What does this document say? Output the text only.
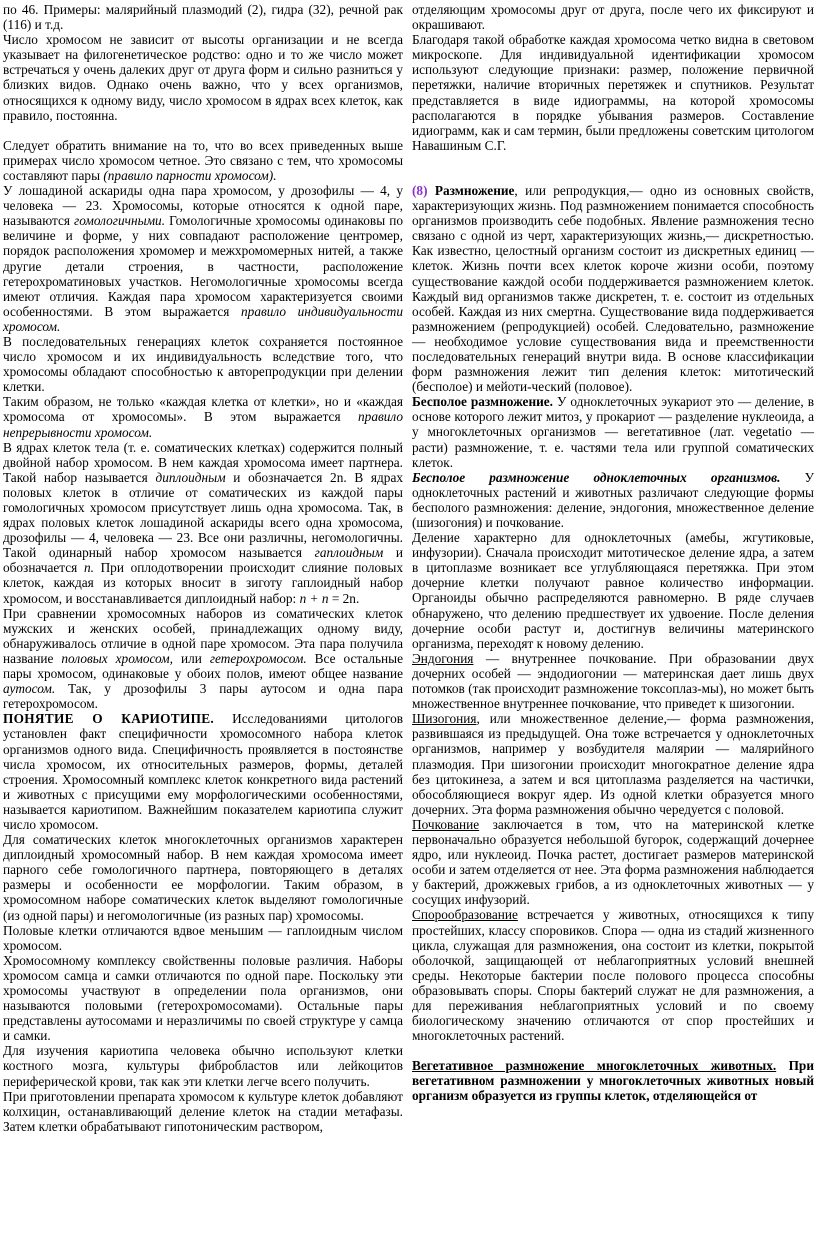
по 46. Примеры: малярийный плазмодий (2), гидра (32), речной рак (116) и т.д.

Число хромосом не зависит от высоты организации и не всегда указывает на филогенетическое родство: одно и то же число может встречаться у очень далеких друг от друга форм и сильно разниться у близких видов. Однако очень важно, что у всех организмов, относящихся к одному виду, число хромосом в ядрах всех клеток, как правило, постоянна.

Следует обратить внимание на то, что во всех приведенных выше примерах число хромосом четное. Это связано с тем, что хромосомы составляют пары (правило парности хромосом).

У лошадиной аскариды одна пара хромосом, у дрозофилы — 4, у человека — 23. Хромосомы, которые относятся к одной паре, называются гомологичными. Гомологичные хромосомы одинаковы по величине и форме, у них совпадают расположение центромер, порядок расположения хромомер и межхромомерных нитей, а также другие детали строения, в частности, расположение гетерохроматиновых участков. Негомологичные хромосомы всегда имеют отличия. Каждая пара хромосом характеризуется своими особенностями. В этом выражается правило индивидуальности хромосом.

В последовательных генерациях клеток сохраняется постоянное число хромосом и их индивидуальность вследствие того, что хромосомы обладают способностью к авторепродукции при делении клетки.

Таким образом, не только «каждая клетка от клетки», но и «каждая хромосома от хромосомы». В этом выражается правило непрерывности хромосом.

В ядрах клеток тела (т. е. соматических клетках) содержится полный двойной набор хромосом. В нем каждая хромосома имеет партнера. Такой набор называется диплоидным и обозначается 2n. В ядрах половых клеток в отличие от соматических из каждой пары гомологичных хромосом присутствует лишь одна хромосома. Так, в ядрах половых клеток лошадиной аскариды всего одна хромосома, дрозофилы — 4, человека — 23. Все они различны, негомологичны. Такой одинарный набор хромосом называется гаплоидным и обозначается n. При оплодотворении происходит слияние половых клеток, каждая из которых вносит в зиготу гаплоидный набор хромосом, и восстанавливается диплоидный набор: n + n = 2n.

При сравнении хромосомных наборов из соматических клеток мужских и женских особей, принадлежащих одному виду, обнаруживалось отличие в одной паре хромосом. Эта пара получила название половых хромосом, или гетерохромосом. Все остальные пары хромосом, одинаковые у обоих полов, имеют общее название аутосом. Так, у дрозофилы 3 пары аутосом и одна пара гетерохромосом.

ПОНЯТИЕ О КАРИОТИПЕ. Исследованиями цитологов установлен факт специфичности хромосомного набора клеток организмов одного вида. Специфичность проявляется в постоянстве числа хромосом, их относительных размеров, формы, деталей строения. Хромосомный комплекс клеток конкретного вида растений и животных с присущими ему морфологическими особенностями, называется кариотипом. Важнейшим показателем кариотипа служит число хромосом.

Для соматических клеток многоклеточных организмов характерен диплоидный хромосомный набор. В нем каждая хромосома имеет парного себе гомологичного партнера, повторяющего в деталях размеры и особенности ее морфологии. Таким образом, в хромосомном наборе соматических клеток выделяют гомологичные (из одной пары) и негомологичные (из разных пар) хромосомы.

Половые клетки отличаются вдвое меньшим — гаплоидным числом хромосом.

Хромосомному комплексу свойственны половые различия. Наборы хромосом самца и самки отличаются по одной паре. Поскольку эти хромосомы участвуют в определении пола организмов, они называются половыми (гетерохромосомами). Остальные пары представлены аутосомами и неразличимы по своей структуре у самца и самки.

Для изучения кариотипа человека обычно используют клетки костного мозга, культуры фибробластов или лейкоцитов периферической крови, так как эти клетки легче всего получить.

При приготовлении препарата хромосом к культуре клеток добавляют колхицин, останавливающий деление клеток на стадии метафазы. Затем клетки обрабатывают гипотоническим раствором,

отделяющим хромосомы друг от друга, после чего их фиксируют и окрашивают.

Благодаря такой обработке каждая хромосома четко видна в световом микроскопе. Для индивидуальной идентификации хромосом используют следующие признаки: размер, положение первичной перетяжки, наличие вторичных перетяжек и спутников. Результат представляется в виде идиограммы, на которой хромосомы располагаются в порядке убывания размеров. Составление идиограмм, как и сам термин, были предложены советским цитологом Навашиным С.Г.

(8) Размножение, или репродукция,— одно из основных свойств, характеризующих жизнь. Под размножением понимается способность организмов производить себе подобных. Явление размножения тесно связано с одной из черт, характеризующих жизнь,— дискретностью. Как известно, целостный организм состоит из дискретных единиц — клеток. Жизнь почти всех клеток короче жизни особи, поэтому существование каждой особи поддерживается размножением клеток. Каждый вид организмов также дискретен, т. е. состоит из отдельных особей. Каждая из них смертна. Существование вида поддерживается размножением (репродукцией) особей. Следовательно, размножение — необходимое условие существования вида и преемственности последовательных генераций внутри вида. В основе классификации форм размножения лежит тип деления клеток: митотический (бесполое) и мейоти-ческий (половое).

Бесполое размножение. У одноклеточных эукариот это — деление, в основе которого лежит митоз, у прокариот — разделение нуклеоида, а у многоклеточных организмов — вегетативное (лат. vegetatio — расти) размножение, т. е. частями тела или группой соматических клеток.

Бесполое размножение одноклеточных организмов. У одноклеточных растений и животных различают следующие формы бесполого размножения: деление, эндогония, множественное деление (шизогония) и почкование.

Деление характерно для одноклеточных (амебы, жгутиковые, инфузории). Сначала происходит митотическое деление ядра, а затем в цитоплазме возникает все углубляющаяся перетяжка. При этом дочерние клетки получают равное количество информации. Органоиды обычно распределяются равномерно. В ряде случаев обнаружено, что делению предшествует их удвоение. После деления дочерние особи растут и, достигнув величины материнского организма, переходят к новому делению.

Эндогония — внутреннее почкование. При образовании двух дочерних особей — эндодиогонии — материнская дает лишь двух потомков (так происходит размножение токсоплаз-мы), но может быть множественное внутреннее почкование, что приведет к шизогонии.

Шизогония, или множественное деление,— форма размножения, развившаяся из предыдущей. Она тоже встречается у одноклеточных организмов, например у возбудителя малярии — малярийного плазмодия. При шизогонии происходит многократное деление ядра без цитокинеза, а затем и вся цитоплазма разделяется на частички, обособляющиеся вокруг ядер. Из одной клетки образуется много дочерних. Эта форма размножения обычно чередуется с половой.

Почкование заключается в том, что на материнской клетке первоначально образуется небольшой бугорок, содержащий дочернее ядро, или нуклеоид. Почка растет, достигает размеров материнской особи и затем отделяется от нее. Эта форма размножения наблюдается у бактерий, дрожжевых грибов, а из одноклеточных животных — у сосущих инфузорий.

Спорообразование встречается у животных, относящихся к типу простейших, классу споровиков. Спора — одна из стадий жизненного цикла, служащая для размножения, она состоит из клетки, покрытой оболочкой, защищающей от неблагоприятных условий внешней среды. Некоторые бактерии после полового процесса способны образовывать споры. Споры бактерий служат не для размножения, а для переживания неблагоприятных условий и по своему биологическому значению отличаются от спор простейших и многоклеточных растений.

Вегетативное размножение многоклеточных животных. При вегетативном размножении у многоклеточных животных новый организм образуется из группы клеток, отделяющейся от
